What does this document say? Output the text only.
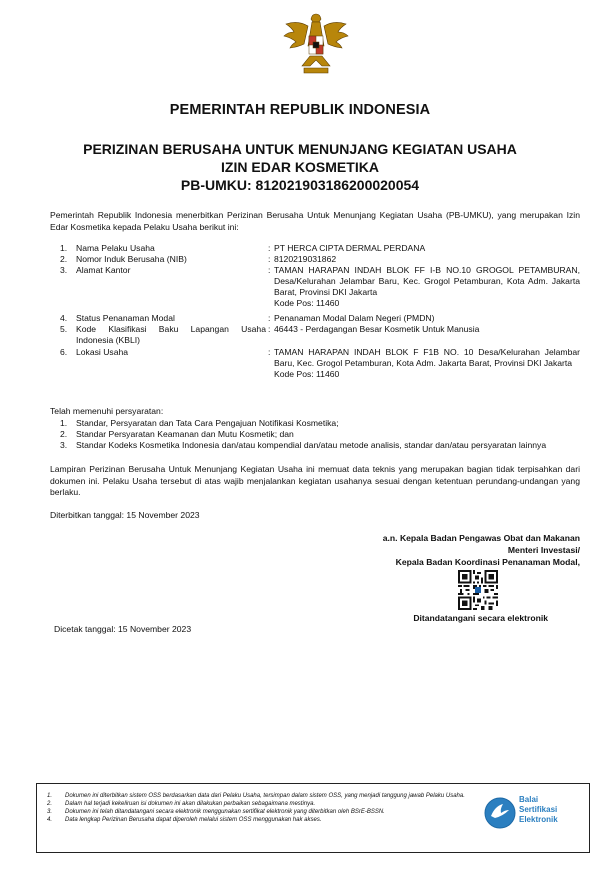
PEMERINTAH REPUBLIK INDONESIA
PERIZINAN BERUSAHA UNTUK MENUNJANG KEGIATAN USAHA
IZIN EDAR KOSMETIKA
PB-UMKU: 812021903186200020054
Pemerintah Republik Indonesia menerbitkan Perizinan Berusaha Untuk Menunjang Kegiatan Usaha (PB-UMKU), yang merupakan Izin Edar Kosmetika kepada Pelaku Usaha berikut ini:
1.	Nama Pelaku Usaha	: PT HERCA CIPTA DERMAL PERDANA
2.	Nomor Induk Berusaha (NIB)	: 8120219031862
3.	Alamat Kantor	: TAMAN HARAPAN INDAH BLOK FF I-B NO.10 GROGOL PETAMBURAN, Desa/Kelurahan Jelambar Baru, Kec. Grogol Petamburan, Kota Adm. Jakarta Barat, Provinsi DKI Jakarta
Kode Pos: 11460
4.	Status Penanaman Modal	: Penanaman Modal Dalam Negeri (PMDN)
5.	Kode Klasifikasi Baku Lapangan Usaha Indonesia (KBLI)
: 46443 - Perdagangan Besar Kosmetik Untuk Manusia
6.	Lokasi Usaha	: TAMAN HARAPAN INDAH BLOK F F1B NO. 10 Desa/Kelurahan Jelambar Baru, Kec. Grogol Petamburan, Kota Adm. Jakarta Barat, Provinsi DKI Jakarta
Kode Pos: 11460
Telah memenuhi persyaratan:
1. Standar, Persyaratan dan Tata Cara Pengajuan Notifikasi Kosmetika;
2. Standar Persyaratan Keamanan dan Mutu Kosmetik; dan
3. Standar Kodeks Kosmetika Indonesia dan/atau kompendial dan/atau metode analisis, standar dan/atau persyaratan lainnya
Lampiran Perizinan Berusaha Untuk Menunjang Kegiatan Usaha ini memuat data teknis yang merupakan bagian tidak terpisahkan dari dokumen ini. Pelaku Usaha tersebut di atas wajib menjalankan kegiatan usahanya sesuai dengan ketentuan perundang-undangan yang berlaku.
Diterbitkan tanggal: 15 November 2023
a.n. Kepala Badan Pengawas Obat dan Makanan
Menteri Investasi/
Kepala Badan Koordinasi Penanaman Modal,
Ditandatangani secara elektronik
Dicetak tanggal: 15 November 2023
1. Dokumen ini diterbitkan sistem OSS berdasarkan data dari Pelaku Usaha, tersimpan dalam sistem OSS, yang menjadi tanggung jawab Pelaku Usaha.
2. Dalam hal terjadi kekeliruan isi dokumen ini akan dilakukan perbaikan sebagaimana mestinya.
3. Dokumen ini telah ditandatangani secara elektronik menggunakan sertifikat elektronik yang diterbitkan oleh BSrE-BSSN.
4. Data lengkap Perizinan Berusaha dapat diperoleh melalui sistem OSS menggunakan hak akses.
Balai
Sertifikasi
Elektronik
